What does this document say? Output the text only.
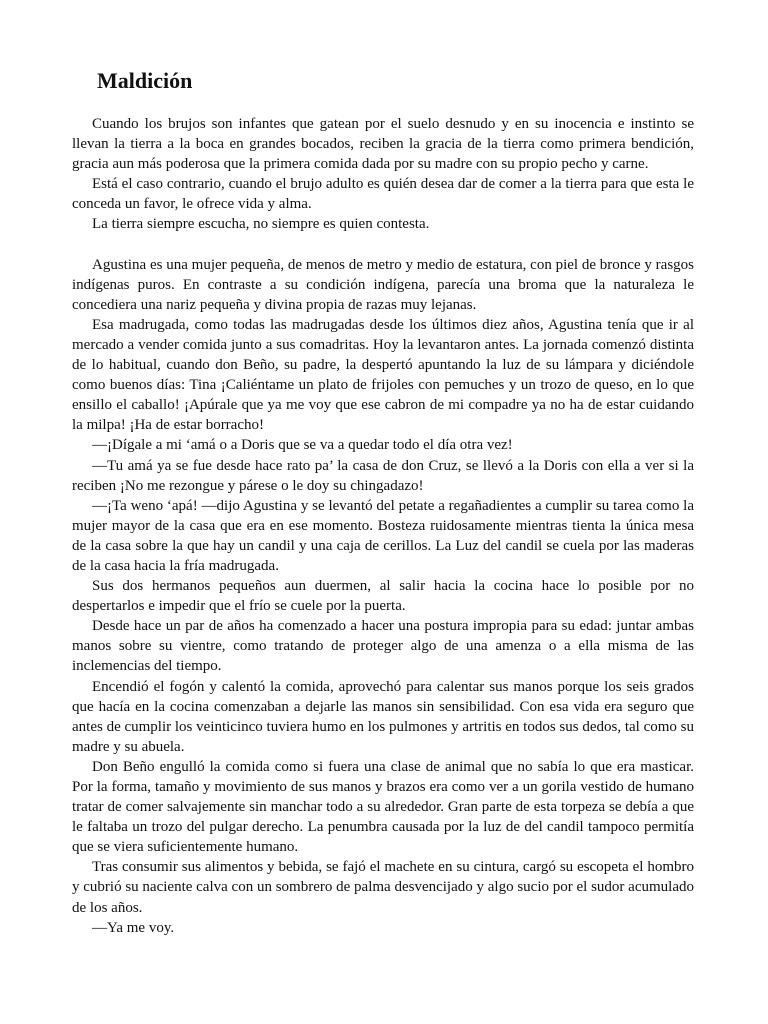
Maldición

Cuando los brujos son infantes que gatean por el suelo desnudo y en su inocencia e instinto se llevan la tierra a la boca en grandes bocados, reciben la gracia de la tierra como primera bendición, gracia aun más poderosa que la primera comida dada por su madre con su propio pecho y carne.

Está el caso contrario, cuando el brujo adulto es quién desea dar de comer a la tierra para que esta le conceda un favor, le ofrece vida y alma.

La tierra siempre escucha, no siempre es quien contesta.

Agustina es una mujer pequeña, de menos de metro y medio de estatura, con piel de bronce y rasgos indígenas puros. En contraste a su condición indígena, parecía una broma que la naturaleza le concediera una nariz pequeña y divina propia de razas muy lejanas.

Esa madrugada, como todas las madrugadas desde los últimos diez años, Agustina tenía que ir al mercado a vender comida junto a sus comadritas. Hoy la levantaron antes. La jornada comenzó distinta de lo habitual, cuando don Beño, su padre, la despertó apuntando la luz de su lámpara y diciéndole como buenos días: Tina ¡Caliéntame un plato de frijoles con pemuches y un trozo de queso, en lo que ensillo el caballo! ¡Apúrale que ya me voy que ese cabron de mi compadre ya no ha de estar cuidando la milpa! ¡Ha de estar borracho!

—¡Dígale a mi ‘amá o a Doris que se va a quedar todo el día otra vez!

—Tu amá ya se fue desde hace rato pa’ la casa de don Cruz, se llevó a la Doris con ella a ver si la reciben ¡No me rezongue y párese o le doy su chingadazo!

—¡Ta weno ‘apá! —dijo Agustina y se levantó del petate a regañadientes a cumplir su tarea como la mujer mayor de la casa que era en ese momento. Bosteza ruidosamente mientras tienta la única mesa de la casa sobre la que hay un candil y una caja de cerillos. La Luz del candil se cuela por las maderas de la casa hacia la fría madrugada.

Sus dos hermanos pequeños aun duermen, al salir hacia la cocina hace lo posible por no despertarlos e impedir que el frío se cuele por la puerta.

Desde hace un par de años ha comenzado a hacer una postura impropia para su edad: juntar ambas manos sobre su vientre, como tratando de proteger algo de una amenza o a ella misma de las inclemencias del tiempo.

Encendió el fogón y calentó la comida, aprovechó para calentar sus manos porque los seis grados que hacía en la cocina comenzaban a dejarle las manos sin sensibilidad. Con esa vida era seguro que antes de cumplir los veinticinco tuviera humo en los pulmones y artritis en todos sus dedos, tal como su madre y su abuela.

Don Beño engulló la comida como si fuera una clase de animal que no sabía lo que era masticar. Por la forma, tamaño y movimiento de sus manos y brazos era como ver a un gorila vestido de humano tratar de comer salvajemente sin manchar todo a su alrededor. Gran parte de esta torpeza se debía a que le faltaba un trozo del pulgar derecho. La penumbra causada por la luz de del candil tampoco permitía que se viera suficientemente humano.

Tras consumir sus alimentos y bebida, se fajó el machete en su cintura, cargó su escopeta el hombro y cubrió su naciente calva con un sombrero de palma desvencijado y algo sucio por el sudor acumulado de los años.

—Ya me voy.
